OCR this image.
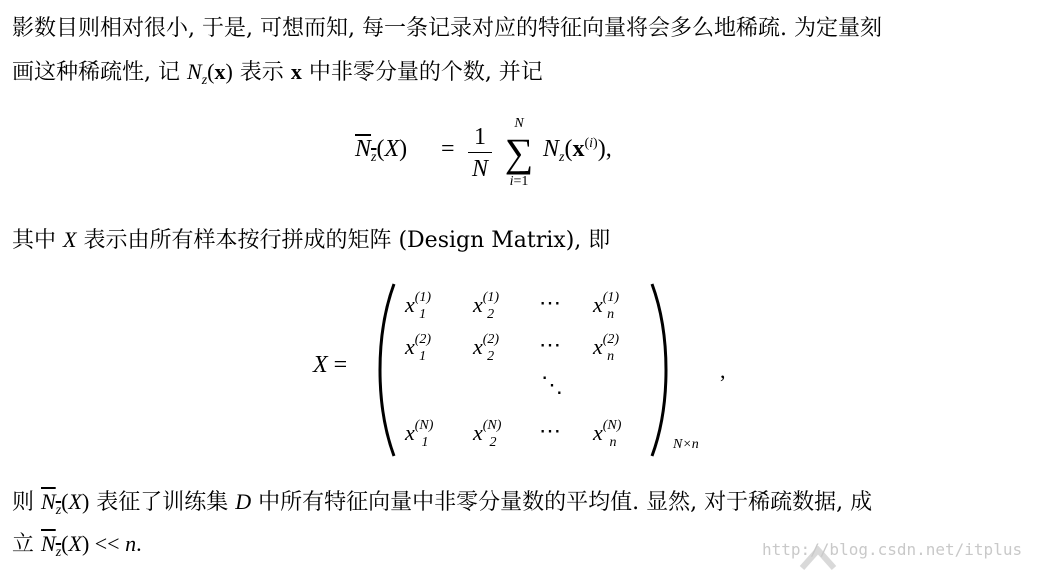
影数目则相对很小, 于是, 可想而知, 每一条记录对应的特征向量将会多么地稀疏. 为定量刻
画这种稀疏性, 记 $N_z(x)$ 表示 x 中非零分量的个数, 并记
$N_z(X) = 1$
N
N
∑
i=1
$N_z(x^{(i)})$,
其中 X 表示由所有样本按行拼成的矩阵 (Design Matrix), 即
X =
$x^{(1)}_1$ $x^{(1)}_2$ ⋯ $x^{(1)}_n$
$x^{(2)}_1$ $x^{(2)}_2$ ⋯ $x^{(2)}_n$
⋱
$x^{(N)}_1$ $x^{(N)}_2$ ⋯ $x^{(N)}_n$	N×n
,
则 $N_z(X)$ 表征了训练集 D 中所有特征向量中非零分量数的平均值. 显然, 对于稀疏数据, 成
立 $N_z(X) << n$.	http://blog.csdn.net/itplus
